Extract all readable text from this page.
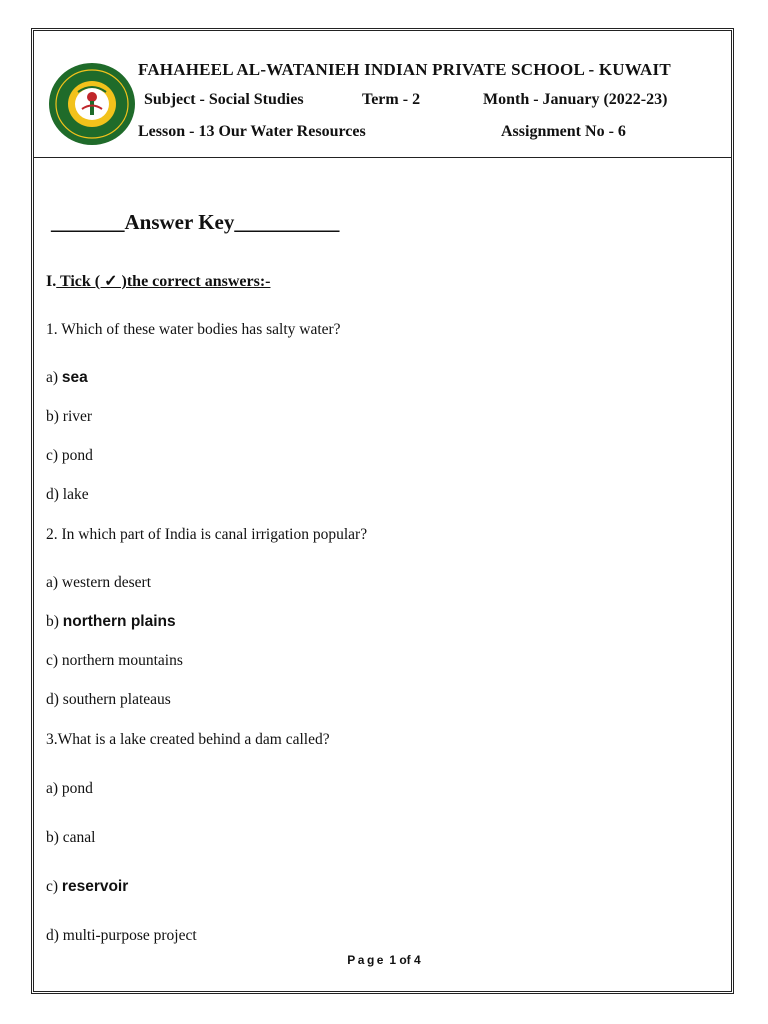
FAHAHEEL AL-WATANIEH INDIAN PRIVATE SCHOOL - KUWAIT
Subject - Social Studies	Term - 2	Month - January (2022-23)
Lesson - 13 Our Water Resources	Assignment No - 6
_______Answer Key__________
I. Tick ( ✓ )the correct answers:-
1. Which of these water bodies has salty water?
a) sea
b) river
c) pond
d) lake
2. In which part of India is canal irrigation popular?
a) western desert
b) northern plains
c) northern mountains
d) southern plateaus
3.What is a lake created behind a dam called?
a) pond
b) canal
c) reservoir
d) multi-purpose project
Page 1 of 4
